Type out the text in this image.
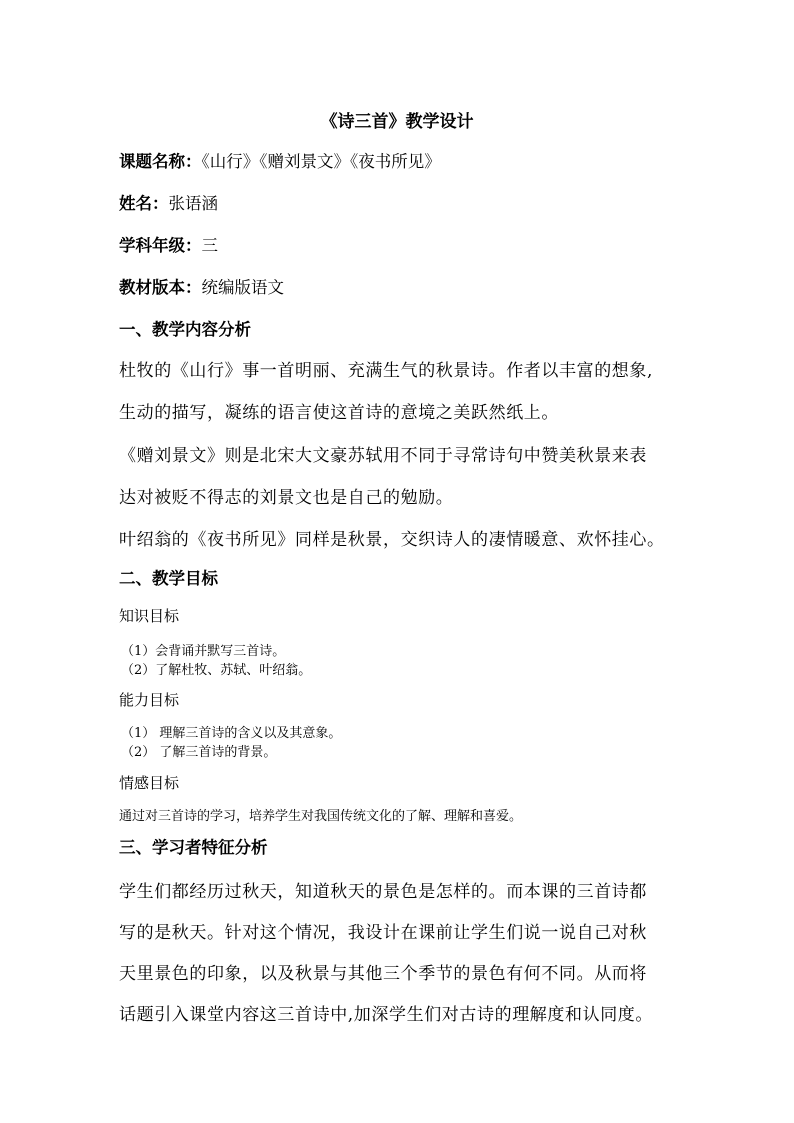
《诗三首》教学设计

课题名称：《山行》《赠刘景文》《夜书所见》

姓名：张语涵

学科年级：三

教材版本：统编版语文

一、教学内容分析

杜牧的《山行》事一首明丽、充满生气的秋景诗。作者以丰富的想象,

生动的描写，凝练的语言使这首诗的意境之美跃然纸上。

《赠刘景文》则是北宋大文豪苏轼用不同于寻常诗句中赞美秋景来表

达对被贬不得志的刘景文也是自己的勉励。

叶绍翁的《夜书所见》同样是秋景，交织诗人的凄情暖意、欢怀挂心。

二、教学目标

知识目标

（1）会背诵并默写三首诗。

（2）了解杜牧、苏轼、叶绍翁。

能力目标

（1） 理解三首诗的含义以及其意象。

（2） 了解三首诗的背景。

情感目标

通过对三首诗的学习，培养学生对我国传统文化的了解、理解和喜爱。

三、学习者特征分析

学生们都经历过秋天，知道秋天的景色是怎样的。而本课的三首诗都

写的是秋天。针对这个情况，我设计在课前让学生们说一说自己对秋

天里景色的印象，以及秋景与其他三个季节的景色有何不同。从而将

话题引入课堂内容这三首诗中,加深学生们对古诗的理解度和认同度。
